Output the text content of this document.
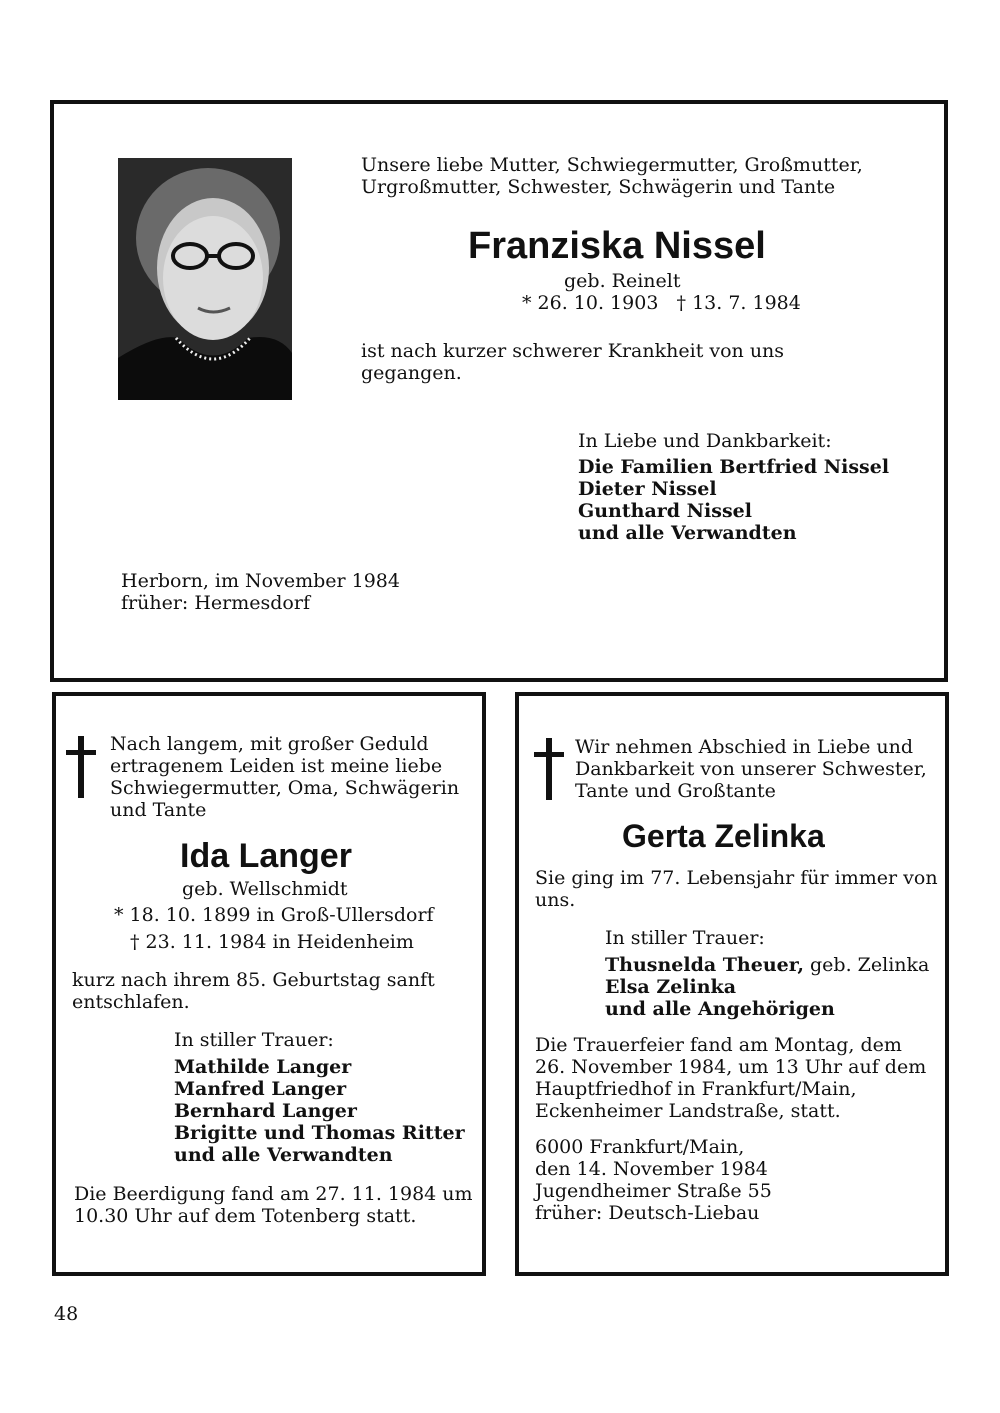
Unsere liebe Mutter, Schwiegermutter, Großmutter,
Urgroßmutter, Schwester, Schwägerin und Tante
Franziska Nissel
geb. Reinelt
* 26. 10. 1903   † 13. 7. 1984
ist nach kurzer schwerer Krankheit von uns
gegangen.
In Liebe und Dankbarkeit:
Die Familien Bertfried Nissel
Dieter Nissel
Gunthard Nissel
und alle Verwandten
Herborn, im November 1984
früher: Hermesdorf
Nach langem, mit großer Geduld
ertragenem Leiden ist meine liebe
Schwiegermutter, Oma, Schwägerin
und Tante
Ida Langer
geb. Wellschmidt
* 18. 10. 1899 in Groß-Ullersdorf
† 23. 11. 1984 in Heidenheim
kurz nach ihrem 85. Geburtstag sanft
entschlafen.
In stiller Trauer:
Mathilde Langer
Manfred Langer
Bernhard Langer
Brigitte und Thomas Ritter
und alle Verwandten
Die Beerdigung fand am 27. 11. 1984 um
10.30 Uhr auf dem Totenberg statt.
Wir nehmen Abschied in Liebe und
Dankbarkeit von unserer Schwester,
Tante und Großtante
Gerta Zelinka
Sie ging im 77. Lebensjahr für immer von
uns.
In stiller Trauer:
Thusnelda Theuer, geb. Zelinka
Elsa Zelinka
und alle Angehörigen
Die Trauerfeier fand am Montag, dem
26. November 1984, um 13 Uhr auf dem
Hauptfriedhof in Frankfurt/Main,
Eckenheimer Landstraße, statt.
6000 Frankfurt/Main,
den 14. November 1984
Jugendheimer Straße 55
früher: Deutsch-Liebau
48
